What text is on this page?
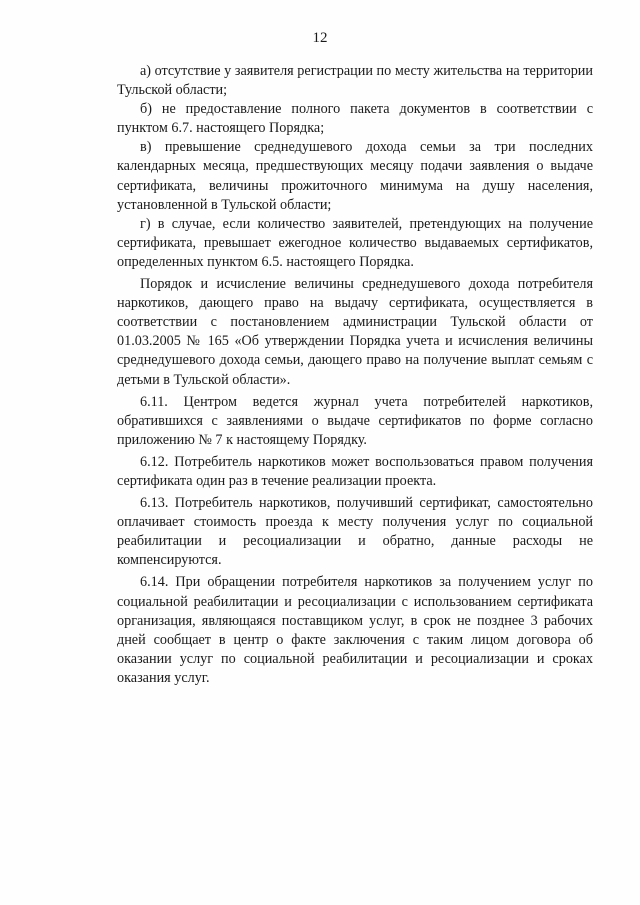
12

а) отсутствие у заявителя регистрации по месту жительства на территории Тульской области;

б) не предоставление полного пакета документов в соответствии с пунктом 6.7. настоящего Порядка;

в) превышение среднедушевого дохода семьи за три последних календарных месяца, предшествующих месяцу подачи заявления о выдаче сертификата, величины прожиточного минимума на душу населения, установленной в Тульской области;

г) в случае, если количество заявителей, претендующих на получение сертификата, превышает ежегодное количество выдаваемых сертификатов, определенных пунктом 6.5. настоящего Порядка.

Порядок и исчисление величины среднедушевого дохода потребителя наркотиков, дающего право на выдачу сертификата, осуществляется в соответствии с постановлением администрации Тульской области от 01.03.2005 № 165 «Об утверждении Порядка учета и исчисления величины среднедушевого дохода семьи, дающего право на получение выплат семьям с детьми в Тульской области».

6.11. Центром ведется журнал учета потребителей наркотиков, обратившихся с заявлениями о выдаче сертификатов по форме согласно приложению № 7 к настоящему Порядку.

6.12. Потребитель наркотиков может воспользоваться правом получения сертификата один раз в течение реализации проекта.

6.13. Потребитель наркотиков, получивший сертификат, самостоятельно оплачивает стоимость проезда к месту получения услуг по социальной реабилитации и ресоциализации и обратно, данные расходы не компенсируются.

6.14. При обращении потребителя наркотиков за получением услуг по социальной реабилитации и ресоциализации с использованием сертификата организация, являющаяся поставщиком услуг, в срок не позднее 3 рабочих дней сообщает в центр о факте заключения с таким лицом договора об оказании услуг по социальной реабилитации и ресоциализации и сроках оказания услуг.
